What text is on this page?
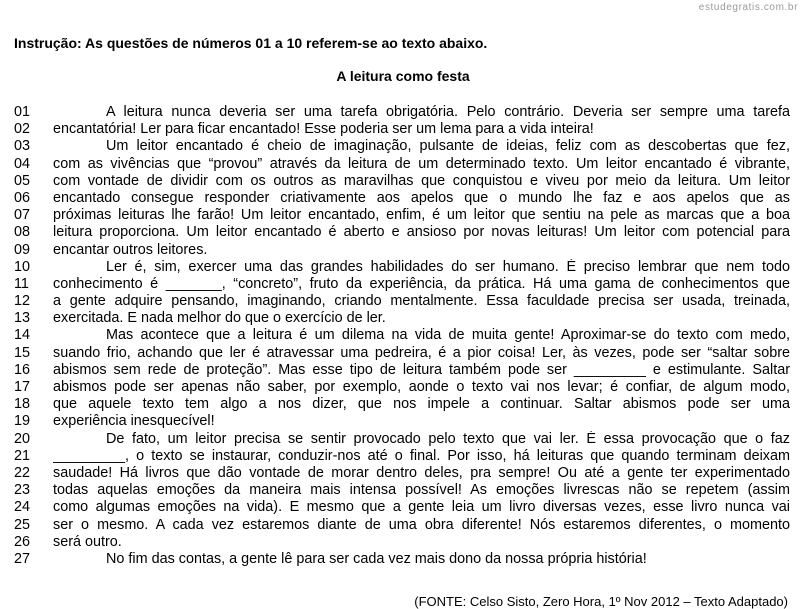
estudegratis.com.br
Instrução: As questões de números 01 a 10 referem-se ao texto abaixo.
A leitura como festa
01	A leitura nunca deveria ser uma tarefa obrigatória. Pelo contrário. Deveria ser sempre uma tarefa
02 encantatória! Ler para ficar encantado! Esse poderia ser um lema para a vida inteira!
03	Um leitor encantado é cheio de imaginação, pulsante de ideias, feliz com as descobertas que fez,
04 com as vivências que “provou” através da leitura de um determinado texto. Um leitor encantado é vibrante,
05 com vontade de dividir com os outros as maravilhas que conquistou e viveu por meio da leitura. Um leitor
06 encantado consegue responder criativamente aos apelos que o mundo lhe faz e aos apelos que as
07 próximas leituras lhe farão! Um leitor encantado, enfim, é um leitor que sentiu na pele as marcas que a boa
08 leitura proporciona. Um leitor encantado é aberto e ansioso por novas leituras! Um leitor com potencial para
09 encantar outros leitores.
10	Ler é, sim, exercer uma das grandes habilidades do ser humano. É preciso lembrar que nem todo
11 conhecimento é _______, “concreto”, fruto da experiência, da prática. Há uma gama de conhecimentos que
12 a gente adquire pensando, imaginando, criando mentalmente. Essa faculdade precisa ser usada, treinada,
13 exercitada. E nada melhor do que o exercício de ler.
14	Mas acontece que a leitura é um dilema na vida de muita gente! Aproximar-se do texto com medo,
15 suando frio, achando que ler é atravessar uma pedreira, é a pior coisa! Ler, às vezes, pode ser “saltar sobre
16 abismos sem rede de proteção”. Mas esse tipo de leitura também pode ser _________ e estimulante. Saltar
17 abismos pode ser apenas não saber, por exemplo, aonde o texto vai nos levar; é confiar, de algum modo,
18 que aquele texto tem algo a nos dizer, que nos impele a continuar. Saltar abismos pode ser uma
19 experiência inesquecível!
20	De fato, um leitor precisa se sentir provocado pelo texto que vai ler. É essa provocação que o faz
21 _________, o texto se instaurar, conduzir-nos até o final. Por isso, há leituras que quando terminam deixam
22 saudade! Há livros que dão vontade de morar dentro deles, pra sempre! Ou até a gente ter experimentado
23 todas aquelas emoções da maneira mais intensa possível! As emoções livrescas não se repetem (assim
24 como algumas emoções na vida). E mesmo que a gente leia um livro diversas vezes, esse livro nunca vai
25 ser o mesmo. A cada vez estaremos diante de uma obra diferente! Nós estaremos diferentes, o momento
26 será outro.
27	No fim das contas, a gente lê para ser cada vez mais dono da nossa própria história!
(FONTE: Celso Sisto, Zero Hora, 1º Nov 2012 – Texto Adaptado)
